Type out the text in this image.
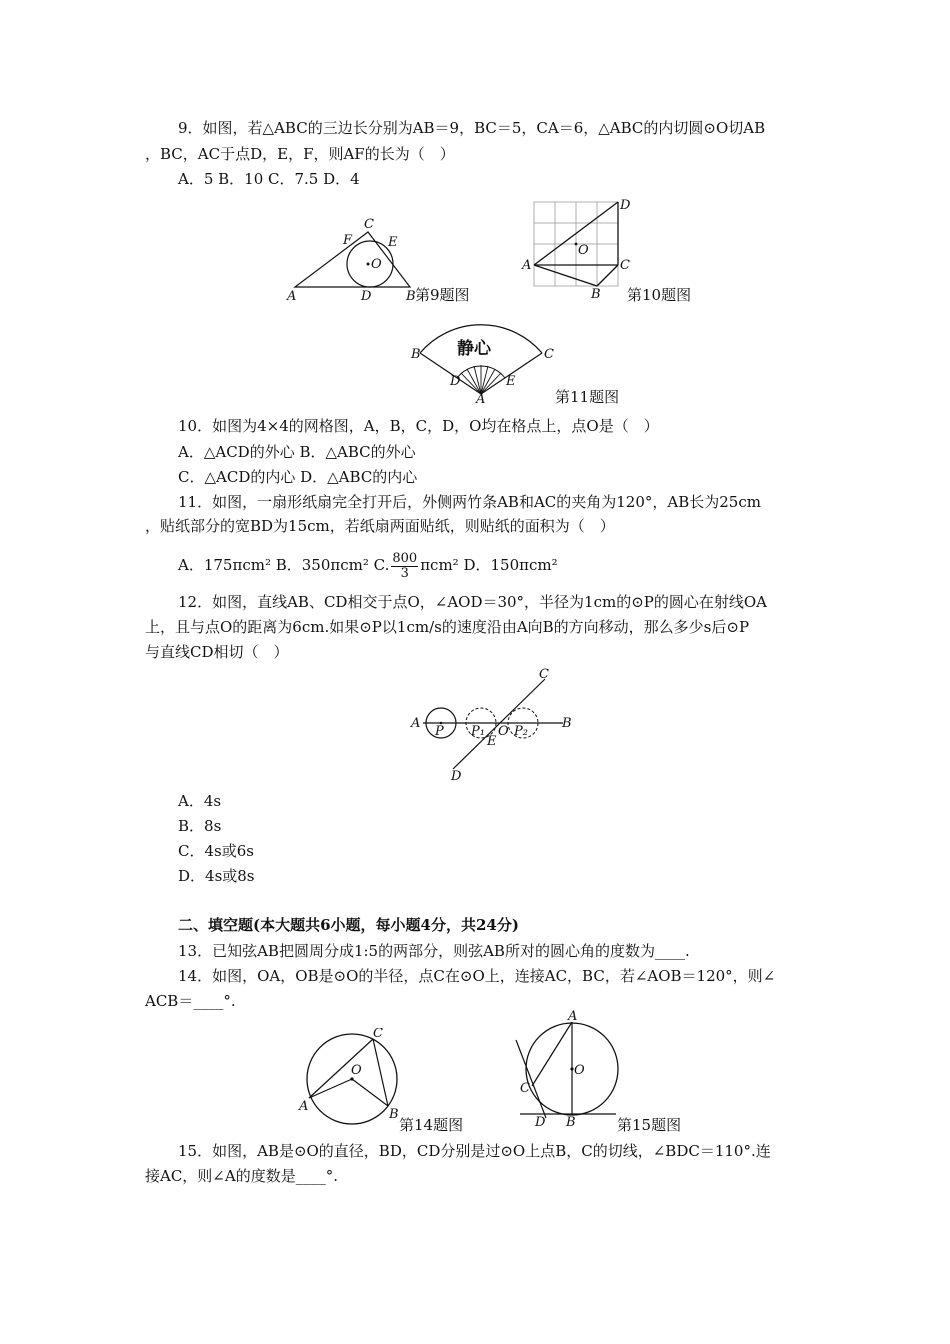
9．如图，若△ABC的三边长分别为AB＝9，BC＝5，CA＝6，△ABC的内切圆⊙O切AB
，BC，AC于点D，E，F，则AF的长为（　）
A．5 B．10 C．7.5 D．4
A	D	B
C
F	E
O
第9题图
A	C
D
B
O
第10题图
静心
B	C
D	E
A	第11题图
10．如图为4×4的网格图，A，B，C，D，O均在格点上，点O是（　）
A．△ACD的外心 B．△ABC的外心
C．△ACD的内心 D．△ABC的内心
11．如图，一扇形纸扇完全打开后，外侧两竹条AB和AC的夹角为120°，AB长为25cm
，贴纸部分的宽BD为15cm，若纸扇两面贴纸，则贴纸的面积为（　）
A．175πcm² B．350πcm² C. $\frac{800}{3} \pi cm^2$ D．150πcm²
12．如图，直线AB、CD相交于点O，∠AOD＝30°，半径为1cm的⊙P的圆心在射线OA
上，且与点O的距离为6cm.如果⊙P以1cm/s的速度沿由A向B的方向移动，那么多少s后⊙P
与直线CD相切（　）
A	B
C
D
P P₁ O P₂
E
A．4s
B．8s
C．4s或6s
D．4s或8s
二、填空题(本大题共6小题，每小题4分，共24分)
13．已知弦AB把圆周分成1:5的两部分，则弦AB所对的圆心角的度数为____.
14．如图，OA，OB是⊙O的半径，点C在⊙O上，连接AC，BC，若∠AOB＝120°，则∠
ACB＝____°.
A
B
C
O
第14题图
A
O
C
D B	第15题图
15．如图，AB是⊙O的直径，BD，CD分别是过⊙O上点B，C的切线，∠BDC＝110°.连
接AC，则∠A的度数是____°.
